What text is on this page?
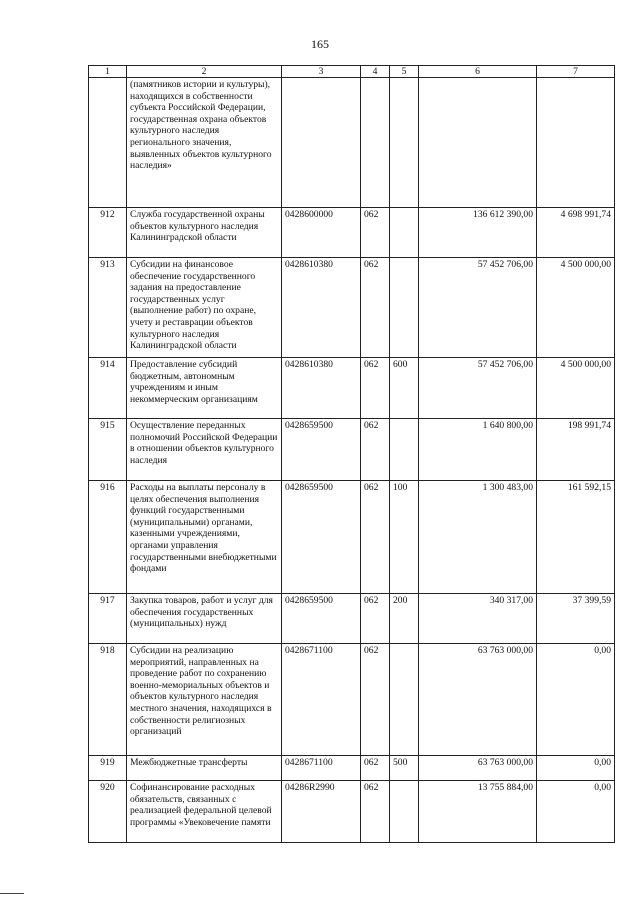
165
1	2	3	4	5	6	7
	(памятников истории и культуры), находящихся в собственности субъекта Российской Федерации, государственная охрана объектов культурного наследия регионального значения, выявленных объектов культурного наследия»					
912	Служба государственной охраны объектов культурного наследия Калининградской области	0428600000	062		136 612 390,00	4 698 991,74
913	Субсидии на финансовое обеспечение государственного задания на предоставление государственных услуг (выполнение работ) по охране, учету и реставрации объектов культурного наследия Калининградской области	0428610380	062		57 452 706,00	4 500 000,00
914	Предоставление субсидий бюджетным, автономным учреждениям и иным некоммерческим организациям	0428610380	062	600	57 452 706,00	4 500 000,00
915	Осуществление переданных полномочий Российской Федерации в отношении объектов культурного наследия	0428659500	062		1 640 800,00	198 991,74
916	Расходы на выплаты персоналу в целях обеспечения выполнения функций государственными (муниципальными) органами, казенными учреждениями, органами управления государственными внебюджетными фондами	0428659500	062	100	1 300 483,00	161 592,15
917	Закупка товаров, работ и услуг для обеспечения государственных (муниципальных) нужд	0428659500	062	200	340 317,00	37 399,59
918	Субсидии на реализацию мероприятий, направленных на проведение работ по сохранению военно-мемориальных объектов и объектов культурного наследия местного значения, находящихся в собственности религиозных организаций	0428671100	062		63 763 000,00	0,00
919	Межбюджетные трансферты	0428671100	062	500	63 763 000,00	0,00
920	Софинансирование расходных обязательств, связанных с реализацией федеральной целевой программы «Увековечение памяти	04286R2990	062		13 755 884,00	0,00
